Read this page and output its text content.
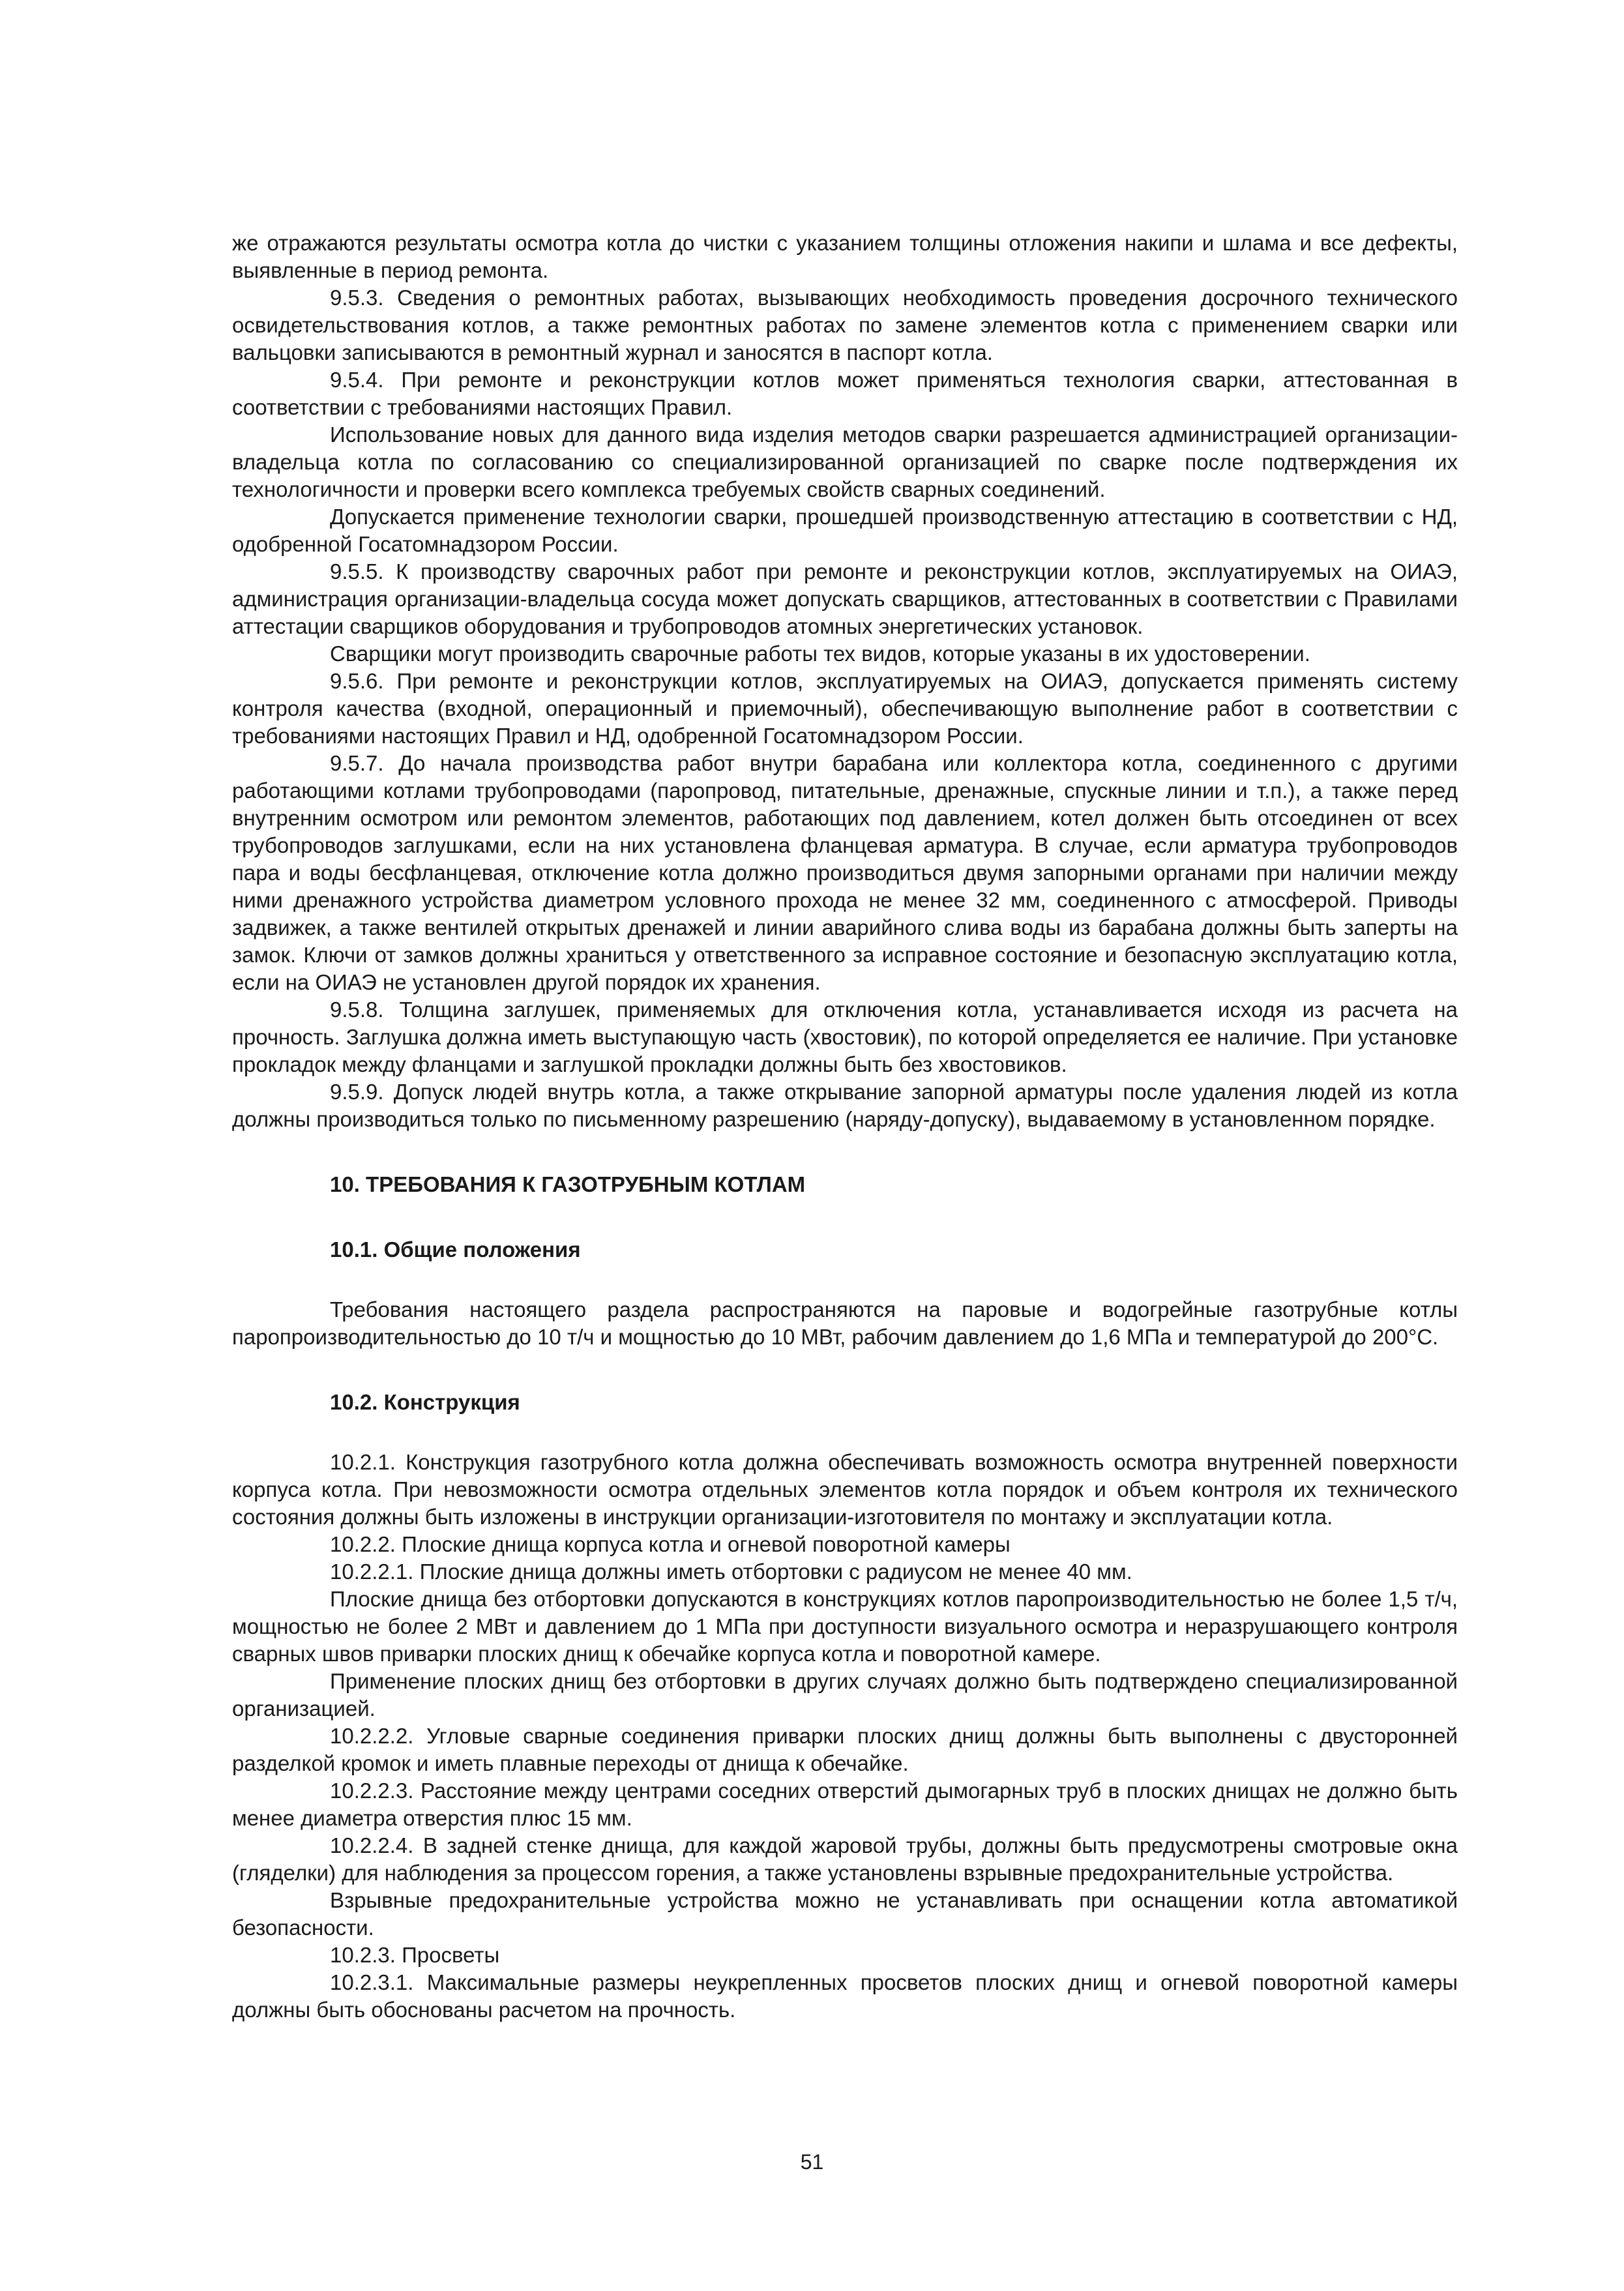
же отражаются результаты осмотра котла до чистки с указанием толщины отложения накипи и шлама и все дефекты, выявленные в период ремонта.

9.5.3. Сведения о ремонтных работах, вызывающих необходимость проведения досрочного технического освидетельствования котлов, а также ремонтных работах по замене элементов котла с применением сварки или вальцовки записываются в ремонтный журнал и заносятся в паспорт котла.

9.5.4. При ремонте и реконструкции котлов может применяться технология сварки, аттестованная в соответствии с требованиями настоящих Правил.

Использование новых для данного вида изделия методов сварки разрешается администрацией организации-владельца котла по согласованию со специализированной организацией по сварке после подтверждения их технологичности и проверки всего комплекса требуемых свойств сварных соединений.

Допускается применение технологии сварки, прошедшей производственную аттестацию в соответствии с НД, одобренной Госатомнадзором России.

9.5.5. К производству сварочных работ при ремонте и реконструкции котлов, эксплуатируемых на ОИАЭ, администрация организации-владельца сосуда может допускать сварщиков, аттестованных в соответствии с Правилами аттестации сварщиков оборудования и трубопроводов атомных энергетических установок.

Сварщики могут производить сварочные работы тех видов, которые указаны в их удостоверении.

9.5.6. При ремонте и реконструкции котлов, эксплуатируемых на ОИАЭ, допускается применять систему контроля качества (входной, операционный и приемочный), обеспечивающую выполнение работ в соответствии с требованиями настоящих Правил и НД, одобренной Госатомнадзором России.

9.5.7. До начала производства работ внутри барабана или коллектора котла, соединенного с другими работающими котлами трубопроводами (паропровод, питательные, дренажные, спускные линии и т.п.), а также перед внутренним осмотром или ремонтом элементов, работающих под давлением, котел должен быть отсоединен от всех трубопроводов заглушками, если на них установлена фланцевая арматура. В случае, если арматура трубопроводов пара и воды бесфланцевая, отключение котла должно производиться двумя запорными органами при наличии между ними дренажного устройства диаметром условного прохода не менее 32 мм, соединенного с атмосферой. Приводы задвижек, а также вентилей открытых дренажей и линии аварийного слива воды из барабана должны быть заперты на замок. Ключи от замков должны храниться у ответственного за исправное состояние и безопасную эксплуатацию котла, если на ОИАЭ не установлен другой порядок их хранения.

9.5.8. Толщина заглушек, применяемых для отключения котла, устанавливается исходя из расчета на прочность. Заглушка должна иметь выступающую часть (хвостовик), по которой определяется ее наличие. При установке прокладок между фланцами и заглушкой прокладки должны быть без хвостовиков.

9.5.9. Допуск людей внутрь котла, а также открывание запорной арматуры после удаления людей из котла должны производиться только по письменному разрешению (наряду-допуску), выдаваемому в установленном порядке.

10. ТРЕБОВАНИЯ К ГАЗОТРУБНЫМ КОТЛАМ

10.1. Общие положения

Требования настоящего раздела распространяются на паровые и водогрейные газотрубные котлы паропроизводительностью до 10 т/ч и мощностью до 10 МВт, рабочим давлением до 1,6 МПа и температурой до 200°С.

10.2. Конструкция

10.2.1. Конструкция газотрубного котла должна обеспечивать возможность осмотра внутренней поверхности корпуса котла. При невозможности осмотра отдельных элементов котла порядок и объем контроля их технического состояния должны быть изложены в инструкции организации-изготовителя по монтажу и эксплуатации котла.

10.2.2. Плоские днища корпуса котла и огневой поворотной камеры

10.2.2.1. Плоские днища должны иметь отбортовки с радиусом не менее 40 мм.

Плоские днища без отбортовки допускаются в конструкциях котлов паропроизводительностью не более 1,5 т/ч, мощностью не более 2 МВт и давлением до 1 МПа при доступности визуального осмотра и неразрушающего контроля сварных швов приварки плоских днищ к обечайке корпуса котла и поворотной камере.

Применение плоских днищ без отбортовки в других случаях должно быть подтверждено специализированной организацией.

10.2.2.2. Угловые сварные соединения приварки плоских днищ должны быть выполнены с двусторонней разделкой кромок и иметь плавные переходы от днища к обечайке.

10.2.2.3. Расстояние между центрами соседних отверстий дымогарных труб в плоских днищах не должно быть менее диаметра отверстия плюс 15 мм.

10.2.2.4. В задней стенке днища, для каждой жаровой трубы, должны быть предусмотрены смотровые окна (гляделки) для наблюдения за процессом горения, а также установлены взрывные предохранительные устройства.

Взрывные предохранительные устройства можно не устанавливать при оснащении котла автоматикой безопасности.

10.2.3. Просветы

10.2.3.1. Максимальные размеры неукрепленных просветов плоских днищ и огневой поворотной камеры должны быть обоснованы расчетом на прочность.

51
